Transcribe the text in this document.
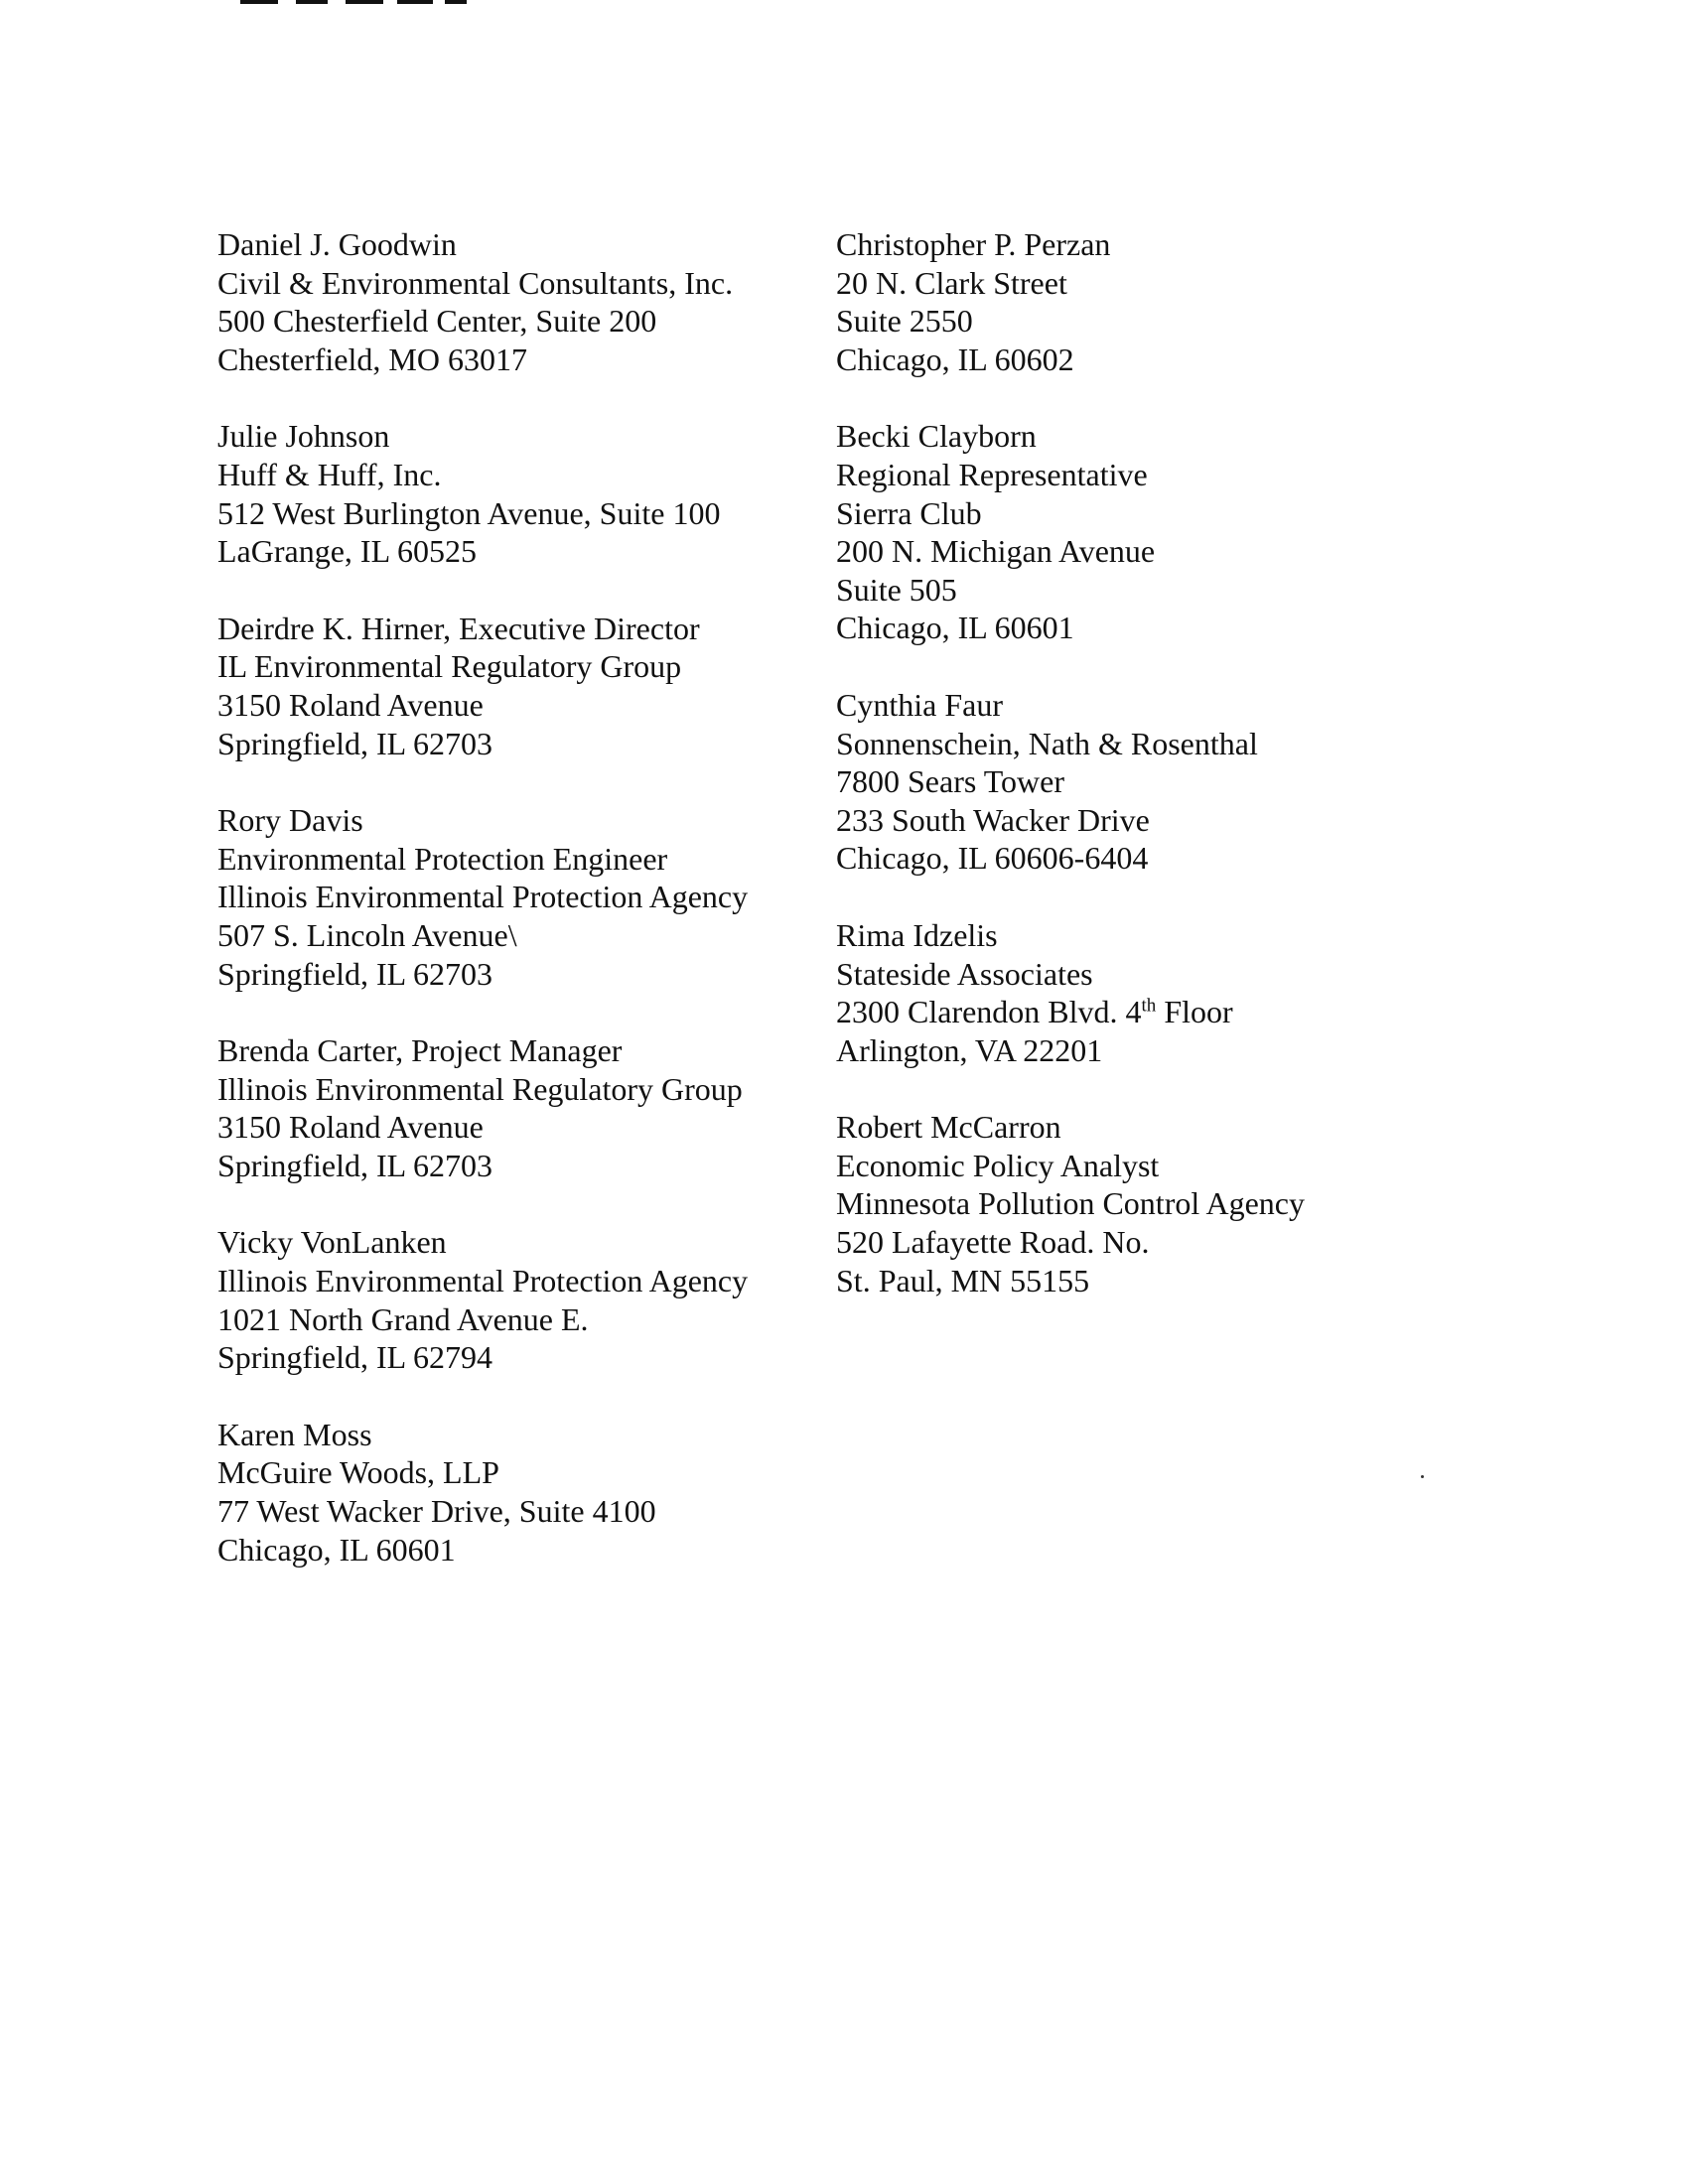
Daniel J. Goodwin
Civil & Environmental Consultants, Inc.
500 Chesterfield Center, Suite 200
Chesterfield, MO 63017
Julie Johnson
Huff & Huff, Inc.
512 West Burlington Avenue, Suite 100
LaGrange, IL 60525
Deirdre K. Hirner, Executive Director
IL Environmental Regulatory Group
3150 Roland Avenue
Springfield, IL 62703
Rory Davis
Environmental Protection Engineer
Illinois Environmental Protection Agency
507 S. Lincoln Avenue\
Springfield, IL 62703
Brenda Carter, Project Manager
Illinois Environmental Regulatory Group
3150 Roland Avenue
Springfield, IL 62703
Vicky VonLanken
Illinois Environmental Protection Agency
1021 North Grand Avenue E.
Springfield, IL 62794
Karen Moss
McGuire Woods, LLP
77 West Wacker Drive, Suite 4100
Chicago, IL 60601
Christopher P. Perzan
20 N. Clark Street
Suite 2550
Chicago, IL 60602
Becki Clayborn
Regional Representative
Sierra Club
200 N. Michigan Avenue
Suite 505
Chicago, IL 60601
Cynthia Faur
Sonnenschein, Nath & Rosenthal
7800 Sears Tower
233 South Wacker Drive
Chicago, IL 60606-6404
Rima Idzelis
Stateside Associates
2300 Clarendon Blvd. 4th Floor
Arlington, VA 22201
Robert McCarron
Economic Policy Analyst
Minnesota Pollution Control Agency
520 Lafayette Road. No.
St. Paul, MN 55155
